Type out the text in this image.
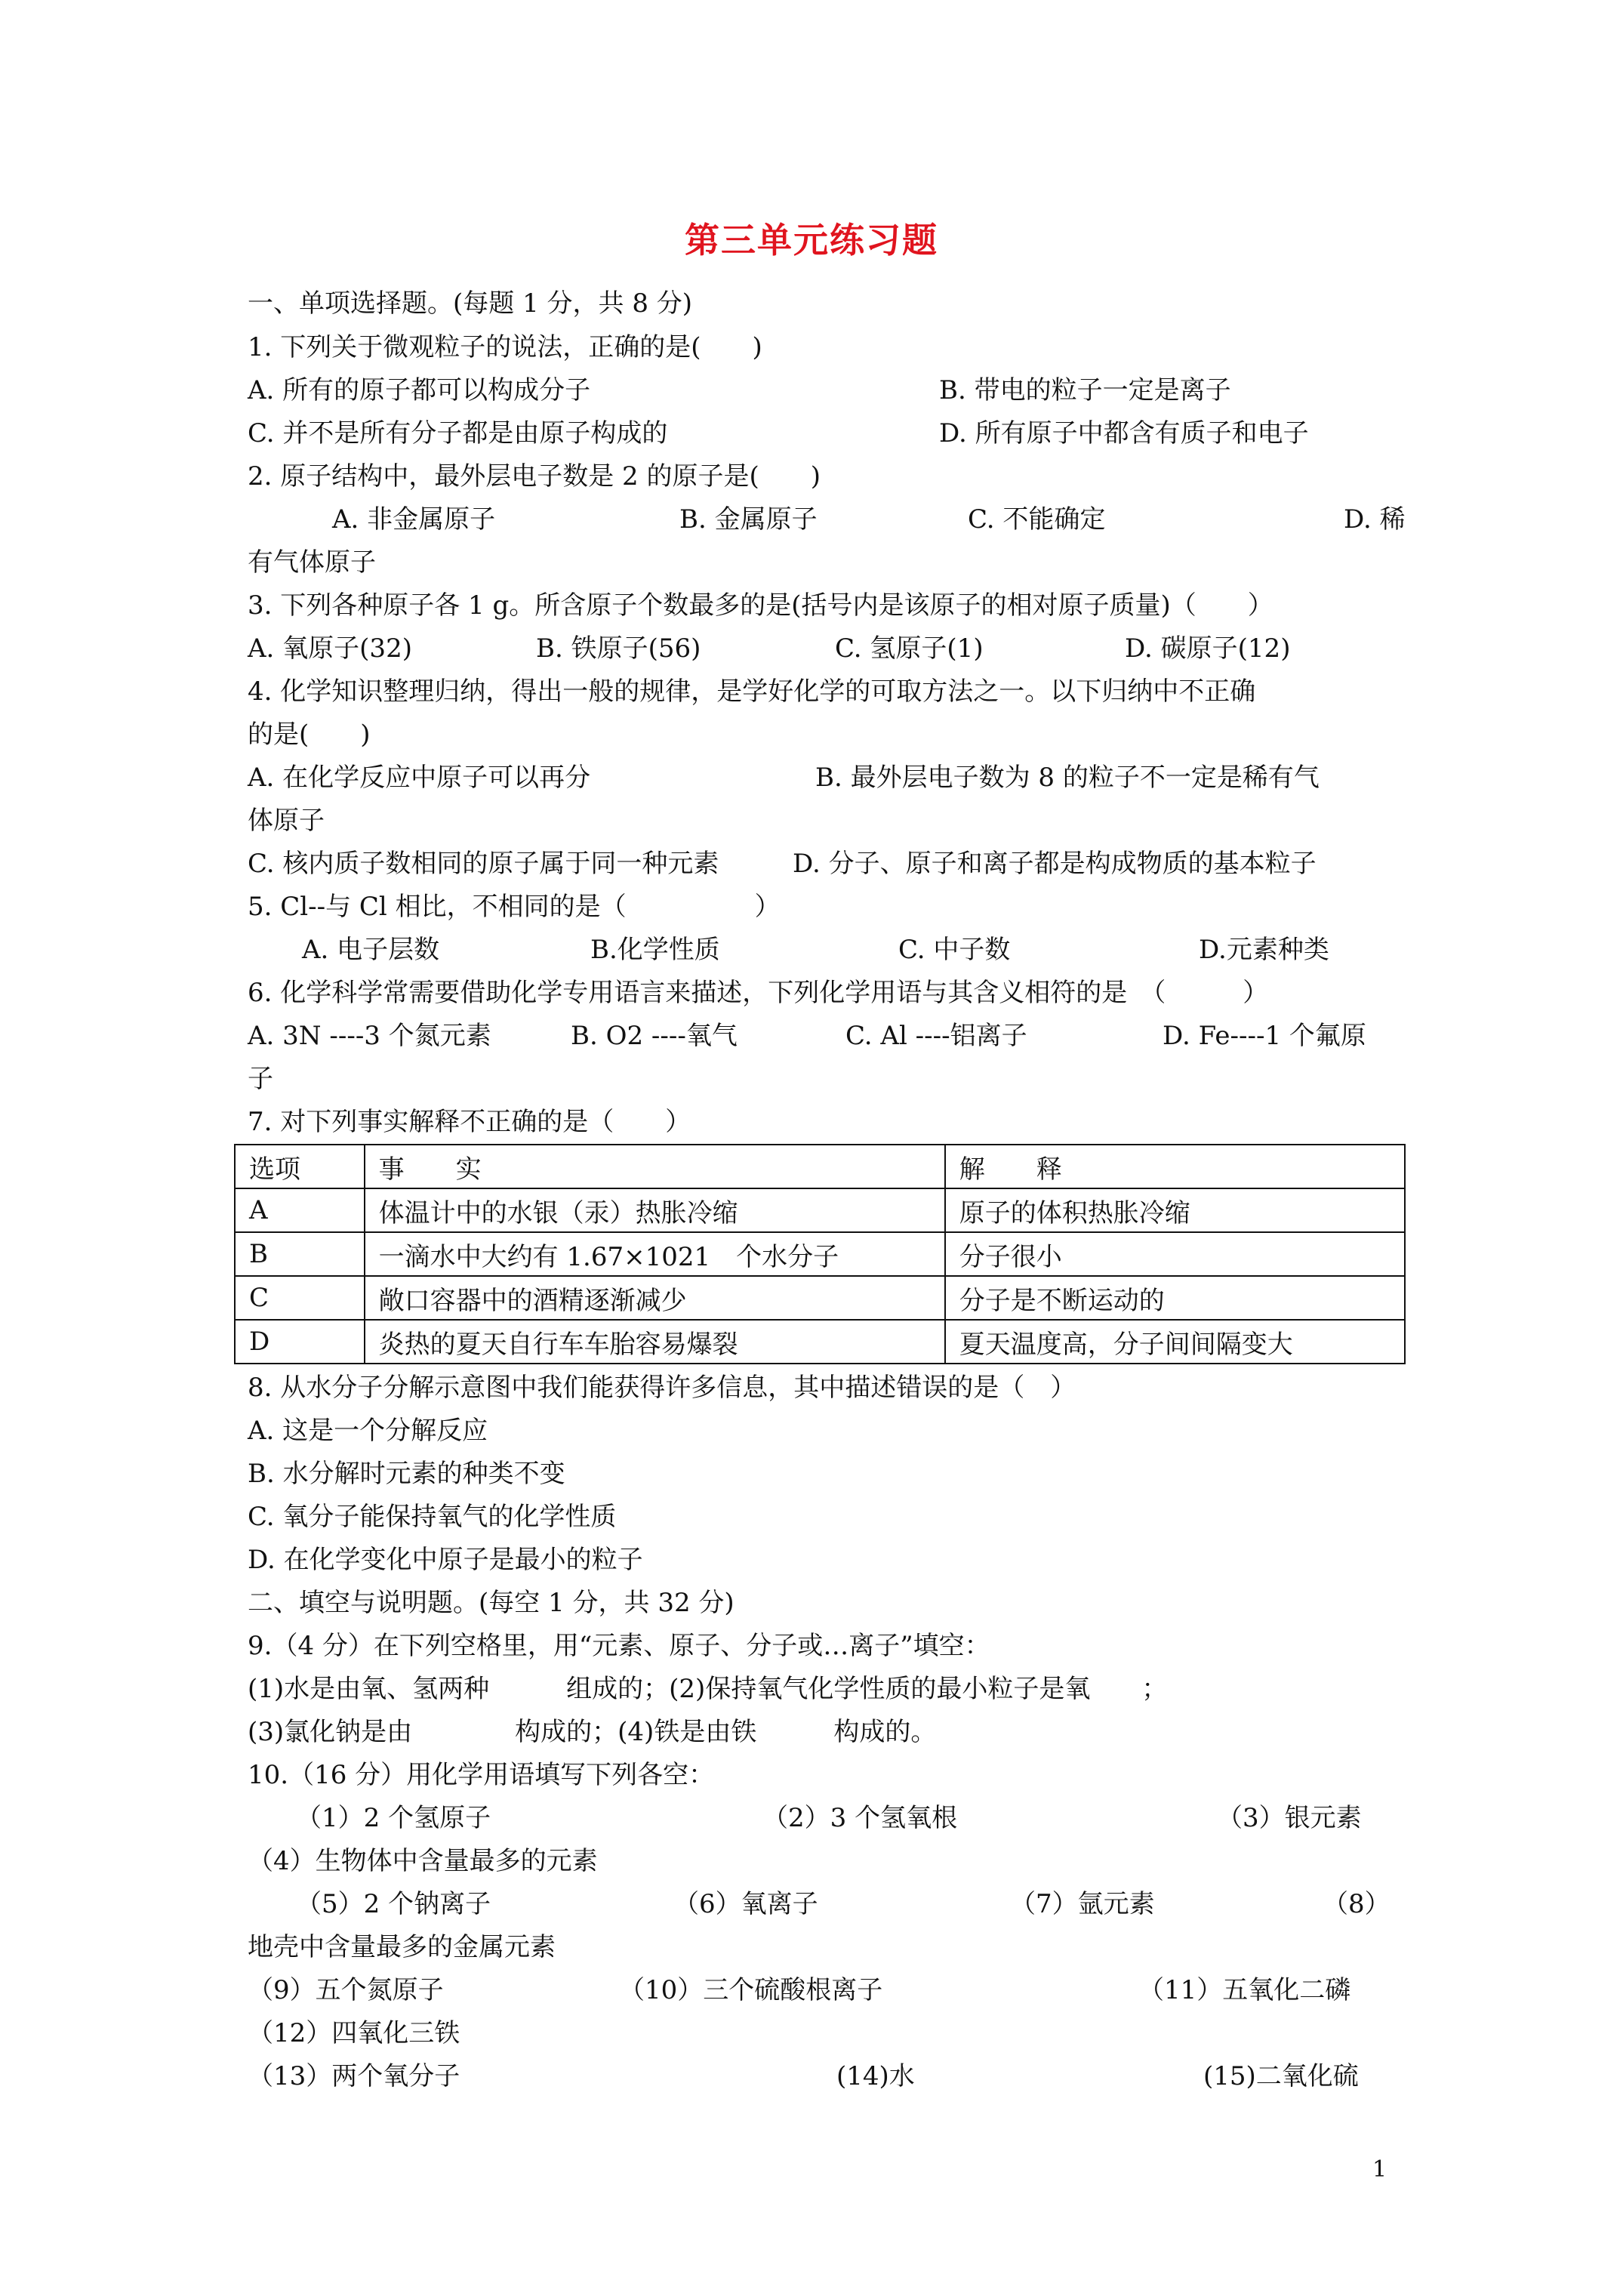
第三单元练习题
一、单项选择题。(每题 1 分，共 8 分)
1. 下列关于微观粒子的说法，正确的是(　　)
A. 所有的原子都可以构成分子	B. 带电的粒子一定是离子
C. 并不是所有分子都是由原子构成的	D. 所有原子中都含有质子和电子
2. 原子结构中，最外层电子数是 2 的原子是(　　)
A. 非金属原子	B. 金属原子	C. 不能确定	D. 稀
有气体原子
3. 下列各种原子各 1 g。所含原子个数最多的是(括号内是该原子的相对原子质量)（　　）
A. 氧原子(32)	B. 铁原子(56)	C. 氢原子(1)	D. 碳原子(12)
4. 化学知识整理归纳，得出一般的规律，是学好化学的可取方法之一。以下归纳中不正确
的是(　　)
A. 在化学反应中原子可以再分	B. 最外层电子数为 8 的粒子不一定是稀有气
体原子
C. 核内质子数相同的原子属于同一种元素	D. 分子、原子和离子都是构成物质的基本粒子
5. Cl--与 Cl 相比，不相同的是（　　　　　）
A. 电子层数	B.化学性质	C. 中子数	D.元素种类
6. 化学科学常需要借助化学专用语言来描述，下列化学用语与其含义相符的是　（　　　）
A. 3N ----3 个氮元素	B. O2 ----氧气	C. Al ----铝离子	D. Fe----1 个氟原
子
7. 对下列事实解释不正确的是（　　）
选项	事　　实	解　　释
A	体温计中的水银（汞）热胀冷缩	原子的体积热胀冷缩
B	一滴水中大约有 1.67×1021　个水分子	分子很小
C	敞口容器中的酒精逐渐减少	分子是不断运动的
D	炎热的夏天自行车车胎容易爆裂	夏天温度高，分子间间隔变大
8. 从水分子分解示意图中我们能获得许多信息，其中描述错误的是（　）
A. 这是一个分解反应
B. 水分解时元素的种类不变
C. 氧分子能保持氧气的化学性质
D. 在化学变化中原子是最小的粒子
二、填空与说明题。(每空 1 分，共 32 分)
9.（4 分）在下列空格里，用“元素、原子、分子或…离子”填空：
(1)水是由氧、氢两种　　　组成的；(2)保持氧气化学性质的最小粒子是氧　　；
(3)氯化钠是由　　　　构成的；(4)铁是由铁　　　构成的。
10.（16 分）用化学用语填写下列各空：
（1）2 个氢原子	（2）3 个氢氧根	（3）银元素
（4）生物体中含量最多的元素
（5）2 个钠离子	（6）氧离子	（7）氩元素	（8）
地壳中含量最多的金属元素
（9）五个氮原子	（10）三个硫酸根离子	（11）五氧化二磷
（12）四氧化三铁
（13）两个氧分子	(14)水	(15)二氧化硫
1
